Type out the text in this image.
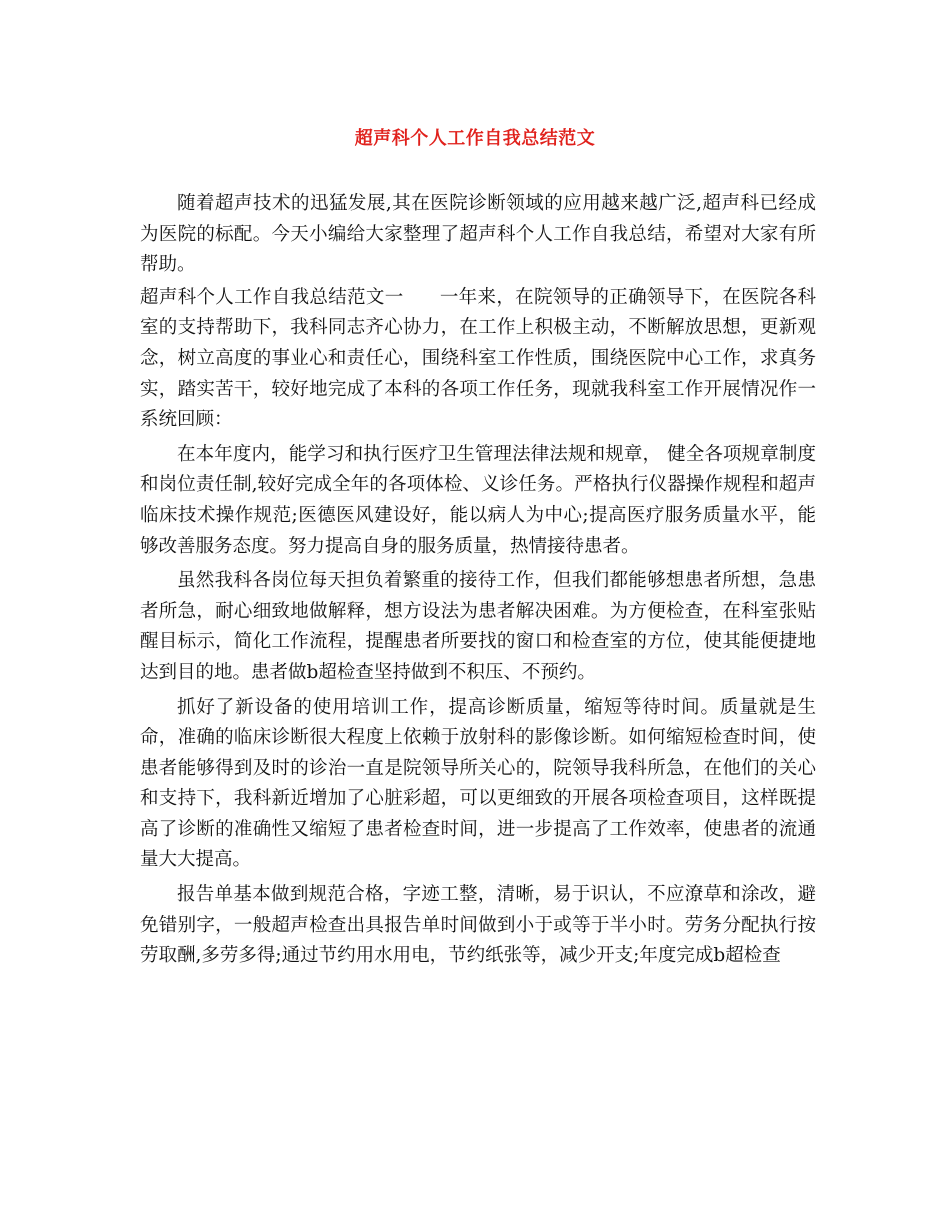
超声科个人工作自我总结范文

随着超声技术的迅猛发展,其在医院诊断领域的应用越来越广泛,超声科已经成为医院的标配。今天小编给大家整理了超声科个人工作自我总结，希望对大家有所帮助。

超声科个人工作自我总结范文一 一年来，在院领导的正确领导下，在医院各科室的支持帮助下，我科同志齐心协力，在工作上积极主动，不断解放思想，更新观念，树立高度的事业心和责任心，围绕科室工作性质，围绕医院中心工作，求真务实，踏实苦干，较好地完成了本科的各项工作任务，现就我科室工作开展情况作一系统回顾：

在本年度内，能学习和执行医疗卫生管理法律法规和规章， 健全各项规章制度和岗位责任制,较好完成全年的各项体检、义诊任务。严格执行仪器操作规程和超声临床技术操作规范;医德医风建设好，能以病人为中心;提高医疗服务质量水平，能够改善服务态度。努力提高自身的服务质量，热情接待患者。

虽然我科各岗位每天担负着繁重的接待工作，但我们都能够想患者所想，急患者所急，耐心细致地做解释，想方设法为患者解决困难。为方便检查，在科室张贴醒目标示，简化工作流程，提醒患者所要找的窗口和检查室的方位，使其能便捷地达到目的地。患者做b超检查坚持做到不积压、不预约。

抓好了新设备的使用培训工作，提高诊断质量，缩短等待时间。质量就是生命，准确的临床诊断很大程度上依赖于放射科的影像诊断。如何缩短检查时间，使患者能够得到及时的诊治一直是院领导所关心的，院领导我科所急，在他们的关心和支持下，我科新近增加了心脏彩超，可以更细致的开展各项检查项目，这样既提高了诊断的准确性又缩短了患者检查时间，进一步提高了工作效率，使患者的流通量大大提高。

报告单基本做到规范合格，字迹工整，清晰，易于识认，不应潦草和涂改，避免错别字，一般超声检查出具报告单时间做到小于或等于半小时。劳务分配执行按劳取酬,多劳多得;通过节约用水用电，节约纸张等，减少开支;年度完成b超检查
